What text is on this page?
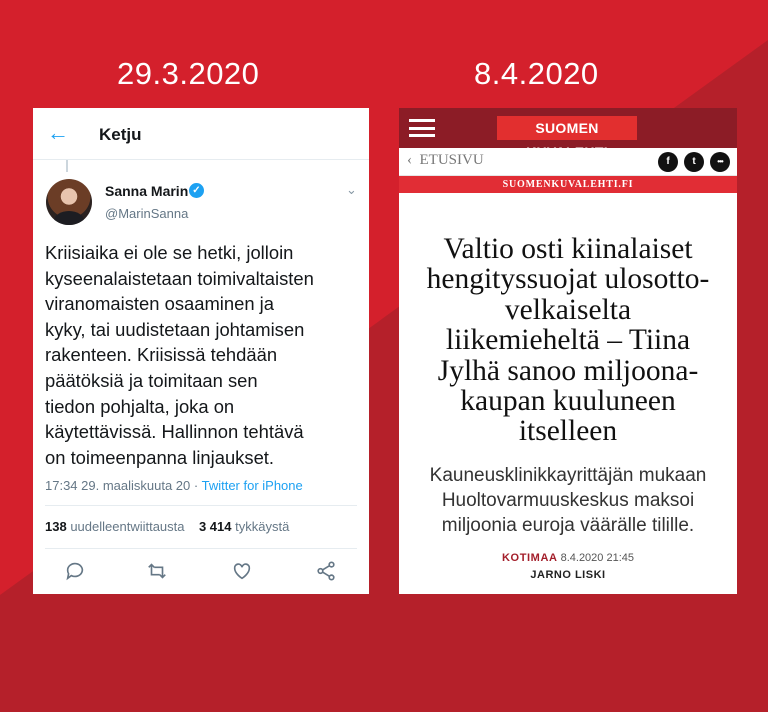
29.3.2020	8.4.2020
← Ketju
Sanna Marin ✓
@MarinSanna
⌄
Kriisiaika ei ole se hetki, jolloin
kyseenalaistetaan toimivaltaisten
viranomaisten osaaminen ja
kyky, tai uudistetaan johtamisen
rakenteen. Kriisissä tehdään
päätöksiä ja toimitaan sen
tiedon pohjalta, joka on
käytettävissä. Hallinnon tehtävä
on toimeenpanna linjaukset.
17:34 29. maaliskuuta 20 · Twitter for iPhone
138 uudelleentwiittausta 3 414 tykkäystä
SUOMEN
‹  ETUSIVU	f	t	•••
SUOMENKUVALEHTI.FI
Valtio osti kiinalaiset
hengityssuojat ulosotto-
velkaiselta
liikemieheltä – Tiina
Jylhä sanoo miljoona-
kaupan kuuluneen
itselleen
Kauneusklinikkayrittäjän mukaan
Huoltovarmuuskeskus maksoi
miljoonia euroja väärälle tilille.
KOTIMAA 8.4.2020 21:45
JARNO LISKI
